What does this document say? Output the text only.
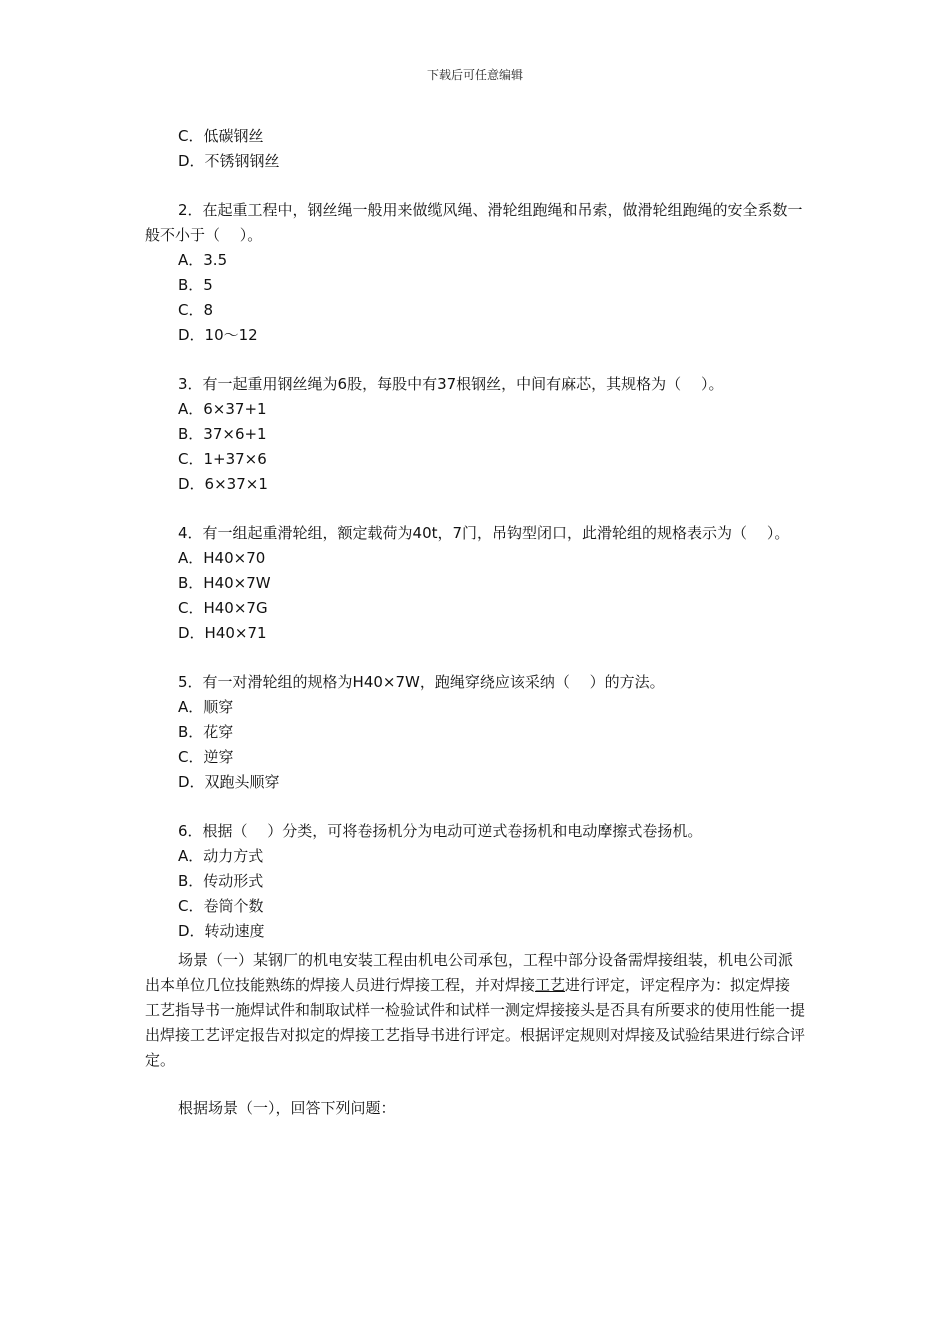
下载后可任意编辑
C．低碳钢丝
D．不锈钢钢丝
2．在起重工程中，钢丝绳一般用来做缆风绳、滑轮组跑绳和吊索，做滑轮组跑绳的安全系数一般不小于（　 ）。
A．3.5
B．5
C．8
D．10～12
3．有一起重用钢丝绳为6股，每股中有37根钢丝，中间有麻芯，其规格为（　 ）。
A．6×37+1
B．37×6+1
C．1+37×6
D．6×37×1
4．有一组起重滑轮组，额定载荷为40t，7门，吊钩型闭口，此滑轮组的规格表示为（　 ）。
A．H40×70
B．H40×7W
C．H40×7G
D．H40×71
5．有一对滑轮组的规格为H40×7W，跑绳穿绕应该采纳（　 ）的方法。
A．顺穿
B．花穿
C．逆穿
D．双跑头顺穿
6．根据（　 ）分类，可将卷扬机分为电动可逆式卷扬机和电动摩擦式卷扬机。
A．动力方式
B．传动形式
C．卷筒个数
D．转动速度
场景（一）某钢厂的机电安装工程由机电公司承包，工程中部分设备需焊接组装，机电公司派出本单位几位技能熟练的焊接人员进行焊接工程，并对焊接工艺进行评定，评定程序为：拟定焊接工艺指导书一施焊试件和制取试样一检验试件和试样一测定焊接接头是否具有所要求的使用性能一提出焊接工艺评定报告对拟定的焊接工艺指导书进行评定。根据评定规则对焊接及试验结果进行综合评定。
根据场景（一），回答下列问题：
